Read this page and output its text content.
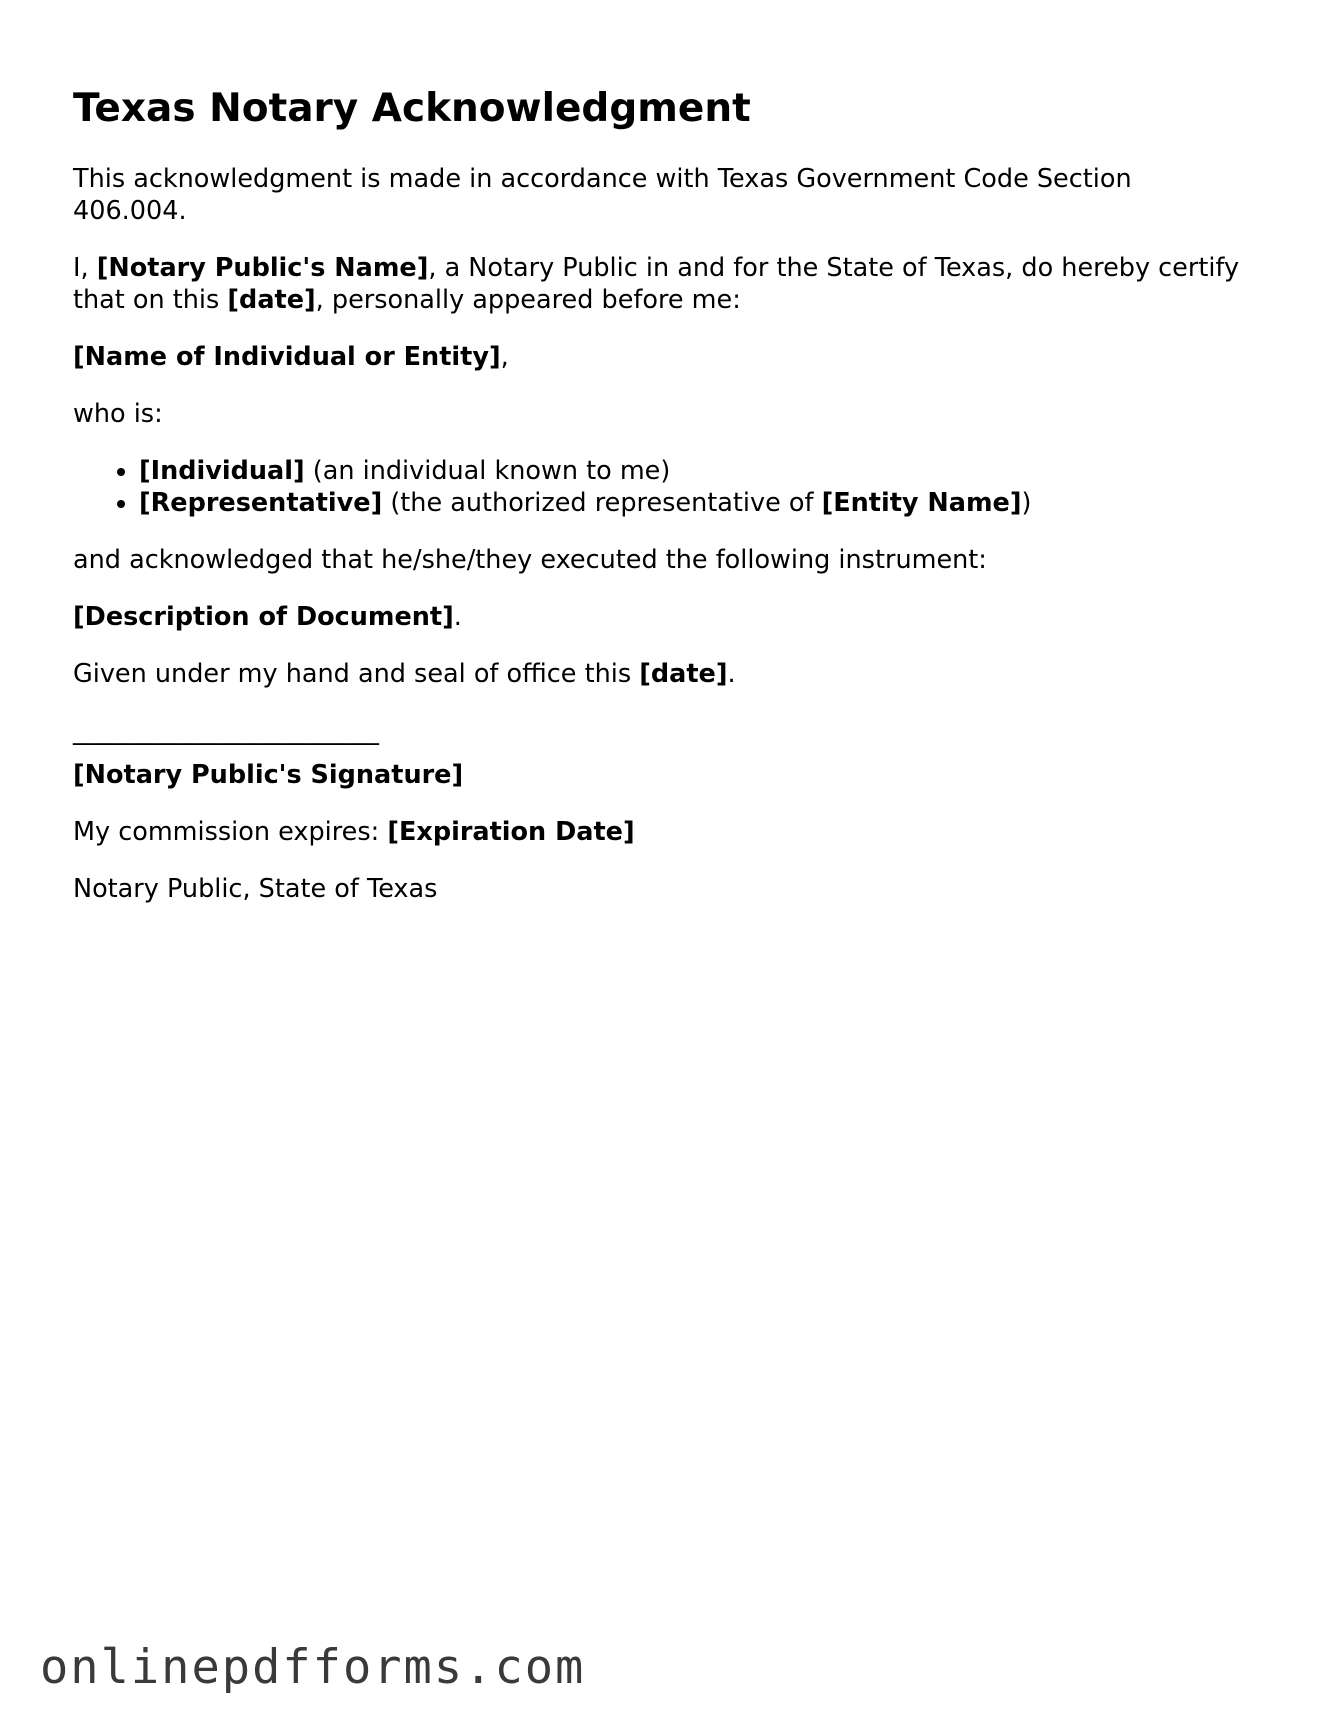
Texas Notary Acknowledgment

This acknowledgment is made in accordance with Texas Government Code Section 406.004.

I, [Notary Public's Name], a Notary Public in and for the State of Texas, do hereby certify that on this [date], personally appeared before me:

[Name of Individual or Entity],

who is:

• [Individual] (an individual known to me)
• [Representative] (the authorized representative of [Entity Name])

and acknowledged that he/she/they executed the following instrument:

[Description of Document].

Given under my hand and seal of office this [date].

________________________

[Notary Public's Signature]

My commission expires: [Expiration Date]

Notary Public, State of Texas

onlinepdfforms.com
